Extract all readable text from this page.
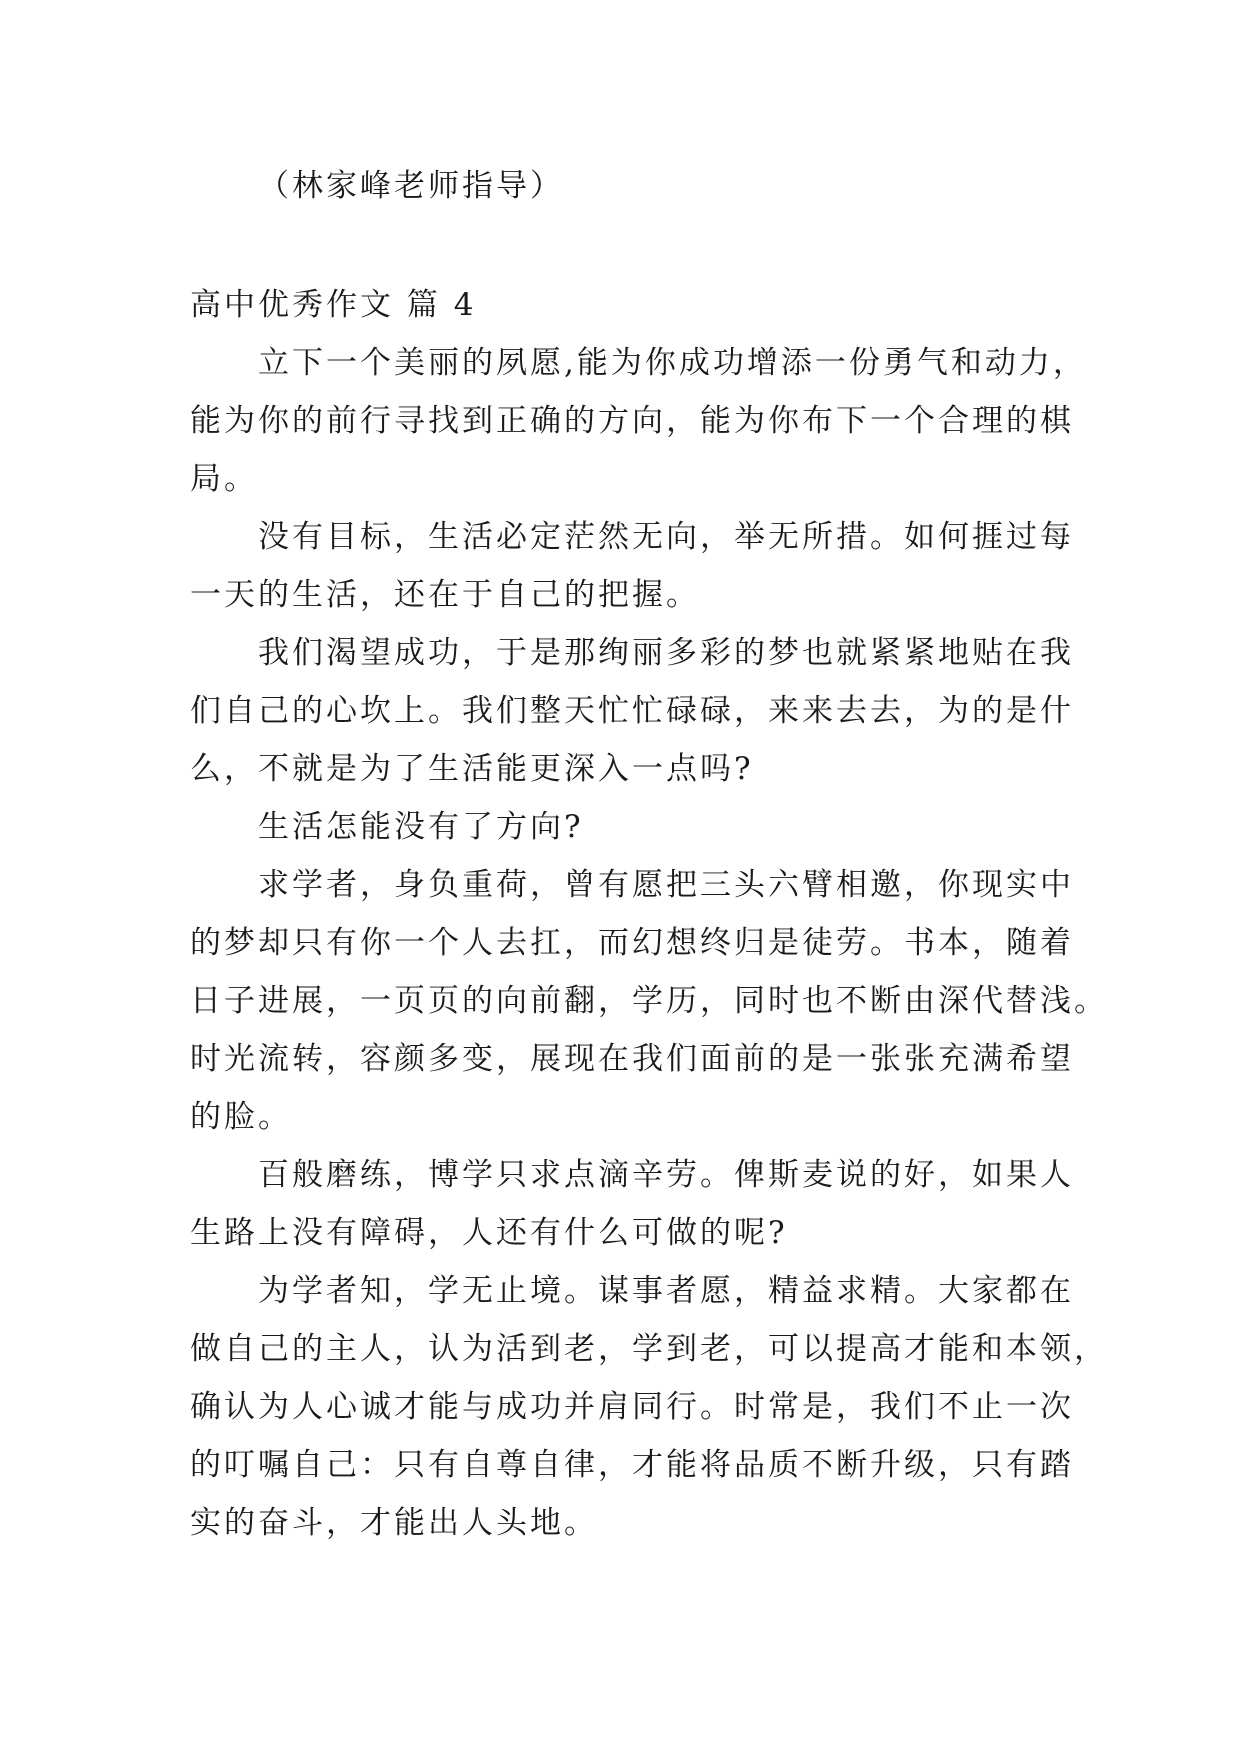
（林家峰老师指导）
高中优秀作文 篇 4
立下一个美丽的夙愿,能为你成功增添一份勇气和动力，
能为你的前行寻找到正确的方向，能为你布下一个合理的棋
局。
没有目标，生活必定茫然无向，举无所措。如何捱过每
一天的生活，还在于自己的把握。
我们渴望成功，于是那绚丽多彩的梦也就紧紧地贴在我
们自己的心坎上。我们整天忙忙碌碌，来来去去，为的是什
么，不就是为了生活能更深入一点吗?
生活怎能没有了方向?
求学者，身负重荷，曾有愿把三头六臂相邀，你现实中
的梦却只有你一个人去扛，而幻想终归是徒劳。书本，随着
日子进展，一页页的向前翻，学历，同时也不断由深代替浅。
时光流转，容颜多变，展现在我们面前的是一张张充满希望
的脸。
百般磨练，博学只求点滴辛劳。俾斯麦说的好，如果人
生路上没有障碍，人还有什么可做的呢?
为学者知，学无止境。谋事者愿，精益求精。大家都在
做自己的主人，认为活到老，学到老，可以提高才能和本领，
确认为人心诚才能与成功并肩同行。时常是，我们不止一次
的叮嘱自己：只有自尊自律，才能将品质不断升级，只有踏
实的奋斗，才能出人头地。
